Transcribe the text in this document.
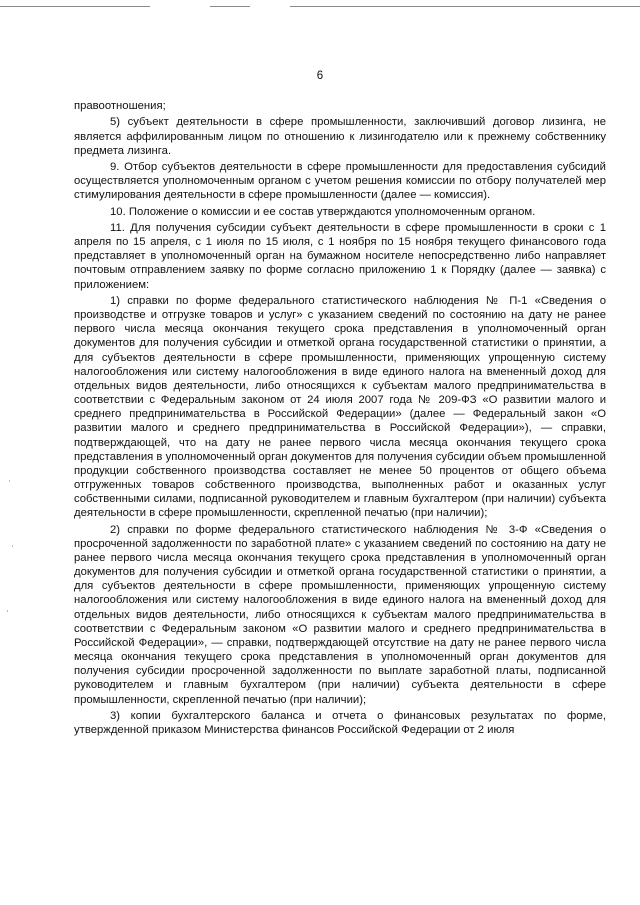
6

правоотношения;

5) субъект деятельности в сфере промышленности, заключивший договор лизинга, не является аффилированным лицом по отношению к лизингодателю или к прежнему собственнику предмета лизинга.

9. Отбор субъектов деятельности в сфере промышленности для предоставления субсидий осуществляется уполномоченным органом с учетом решения комиссии по отбору получателей мер стимулирования деятельности в сфере промышленности (далее — комиссия).

10. Положение о комиссии и ее состав утверждаются уполномоченным органом.

11. Для получения субсидии субъект деятельности в сфере промышленности в сроки с 1 апреля по 15 апреля, с 1 июля по 15 июля, с 1 ноября по 15 ноября текущего финансового года представляет в уполномоченный орган на бумажном носителе непосредственно либо направляет почтовым отправлением заявку по форме согласно приложению 1 к Порядку (далее — заявка) с приложением:

1) справки по форме федерального статистического наблюдения № П-1 «Сведения о производстве и отгрузке товаров и услуг» с указанием сведений по состоянию на дату не ранее первого числа месяца окончания текущего срока представления в уполномоченный орган документов для получения субсидии и отметкой органа государственной статистики о принятии, а для субъектов деятельности в сфере промышленности, применяющих упрощенную систему налогообложения или систему налогообложения в виде единого налога на вмененный доход для отдельных видов деятельности, либо относящихся к субъектам малого предпринимательства в соответствии с Федеральным законом от 24 июля 2007 года № 209-ФЗ «О развитии малого и среднего предпринимательства в Российской Федерации» (далее — Федеральный закон «О развитии малого и среднего предпринимательства в Российской Федерации»), — справки, подтверждающей, что на дату не ранее первого числа месяца окончания текущего срока представления в уполномоченный орган документов для получения субсидии объем промышленной продукции собственного производства составляет не менее 50 процентов от общего объема отгруженных товаров собственного производства, выполненных работ и оказанных услуг собственными силами, подписанной руководителем и главным бухгалтером (при наличии) субъекта деятельности в сфере промышленности, скрепленной печатью (при наличии);

2) справки по форме федерального статистического наблюдения № 3-Ф «Сведения о просроченной задолженности по заработной плате» с указанием сведений по состоянию на дату не ранее первого числа месяца окончания текущего срока представления в уполномоченный орган документов для получения субсидии и отметкой органа государственной статистики о принятии, а для субъектов деятельности в сфере промышленности, применяющих упрощенную систему налогообложения или систему налогообложения в виде единого налога на вмененный доход для отдельных видов деятельности, либо относящихся к субъектам малого предпринимательства в соответствии с Федеральным законом «О развитии малого и среднего предпринимательства в Российской Федерации», — справки, подтверждающей отсутствие на дату не ранее первого числа месяца окончания текущего срока представления в уполномоченный орган документов для получения субсидии просроченной задолженности по выплате заработной платы, подписанной руководителем и главным бухгалтером (при наличии) субъекта деятельности в сфере промышленности, скрепленной печатью (при наличии);

3) копии бухгалтерского баланса и отчета о финансовых результатах по форме, утвержденной приказом Министерства финансов Российской Федерации от 2 июля
